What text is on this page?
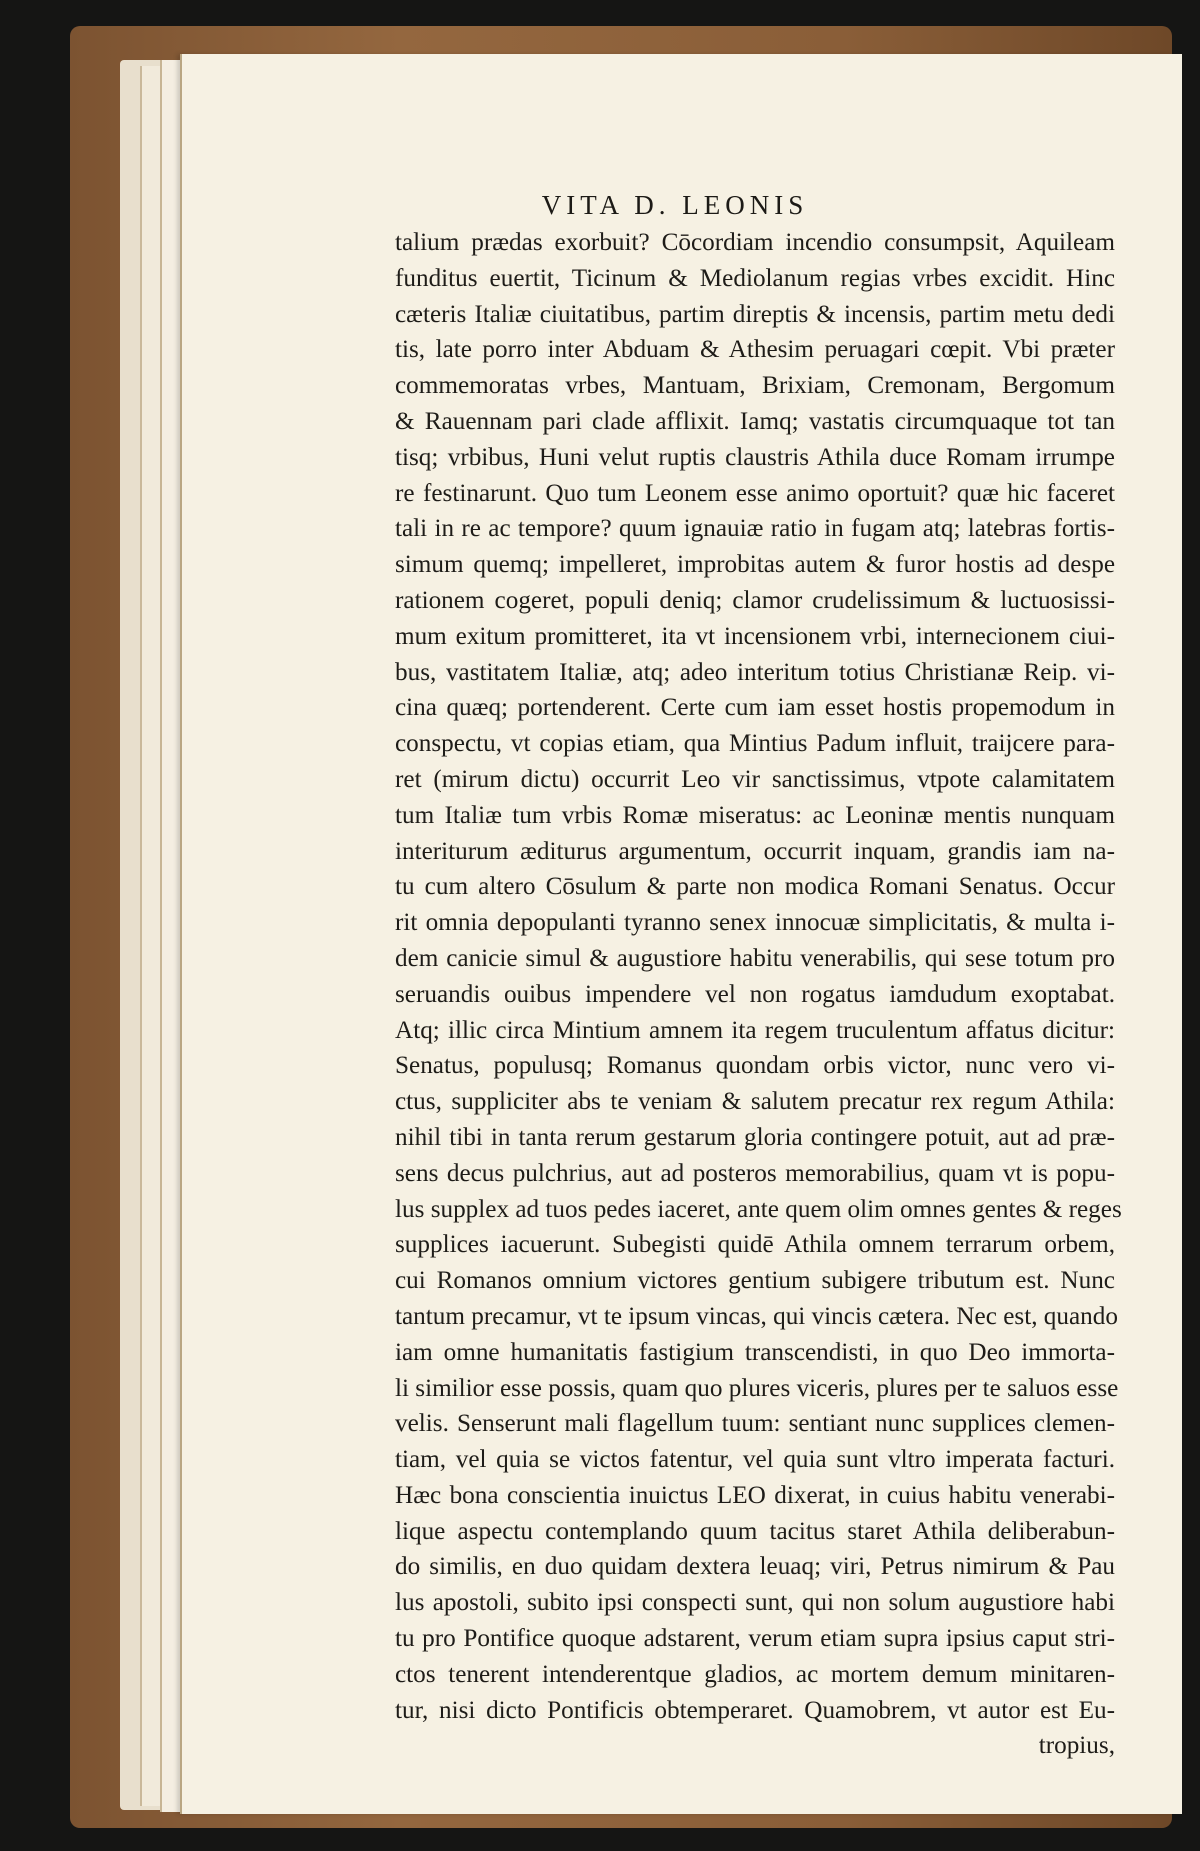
VITA D. LEONIS
talium prædas exorbuit? Cōcordiam incendio consumpsit, Aquileam
funditus euertit, Ticinum & Mediolanum regias vrbes excidit. Hinc
cæteris Italiæ ciuitatibus, partim direptis & incensis, partim metu dedi
tis, late porro inter Abduam & Athesim peruagari cœpit. Vbi præter
commemoratas vrbes, Mantuam, Brixiam, Cremonam, Bergomum
& Rauennam pari clade afflixit. Iamq; vastatis circumquaque tot tan
tisq; vrbibus, Huni velut ruptis claustris Athila duce Romam irrumpe
re festinarunt. Quo tum Leonem esse animo oportuit? quæ hic faceret
tali in re ac tempore? quum ignauiæ ratio in fugam atq; latebras fortis-
simum quemq; impelleret, improbitas autem & furor hostis ad despe
rationem cogeret, populi deniq; clamor crudelissimum & luctuosissi-
mum exitum promitteret, ita vt incensionem vrbi, internecionem ciui-
bus, vastitatem Italiæ, atq; adeo interitum totius Christianæ Reip. vi-
cina quæq; portenderent. Certe cum iam esset hostis propemodum in
conspectu, vt copias etiam, qua Mintius Padum influit, traijcere para-
ret (mirum dictu) occurrit Leo vir sanctissimus, vtpote calamitatem
tum Italiæ tum vrbis Romæ miseratus: ac Leoninæ mentis nunquam
interiturum æditurus argumentum, occurrit inquam, grandis iam na-
tu cum altero Cōsulum & parte non modica Romani Senatus. Occur
rit omnia depopulanti tyranno senex innocuæ simplicitatis, & multa i-
dem canicie simul & augustiore habitu venerabilis, qui sese totum pro
seruandis ouibus impendere vel non rogatus iamdudum exoptabat.
Atq; illic circa Mintium amnem ita regem truculentum affatus dicitur:
Senatus, populusq; Romanus quondam orbis victor, nunc vero vi-
ctus, suppliciter abs te veniam & salutem precatur rex regum Athila:
nihil tibi in tanta rerum gestarum gloria contingere potuit, aut ad præ-
sens decus pulchrius, aut ad posteros memorabilius, quam vt is popu-
lus supplex ad tuos pedes iaceret, ante quem olim omnes gentes & reges
supplices iacuerunt. Subegisti quidē Athila omnem terrarum orbem,
cui Romanos omnium victores gentium subigere tributum est. Nunc
tantum precamur, vt te ipsum vincas, qui vincis cætera. Nec est, quando
iam omne humanitatis fastigium transcendisti, in quo Deo immorta-
li similior esse possis, quam quo plures viceris, plures per te saluos esse
velis. Senserunt mali flagellum tuum: sentiant nunc supplices clemen-
tiam, vel quia se victos fatentur, vel quia sunt vltro imperata facturi.
Hæc bona conscientia inuictus LEO dixerat, in cuius habitu venerabi-
lique aspectu contemplando quum tacitus staret Athila deliberabun-
do similis, en duo quidam dextera leuaq; viri, Petrus nimirum & Pau
lus apostoli, subito ipsi conspecti sunt, qui non solum augustiore habi
tu pro Pontifice quoque adstarent, verum etiam supra ipsius caput stri-
ctos tenerent intenderentque gladios, ac mortem demum minitaren-
tur, nisi dicto Pontificis obtemperaret. Quamobrem, vt autor est Eu-
tropius,
